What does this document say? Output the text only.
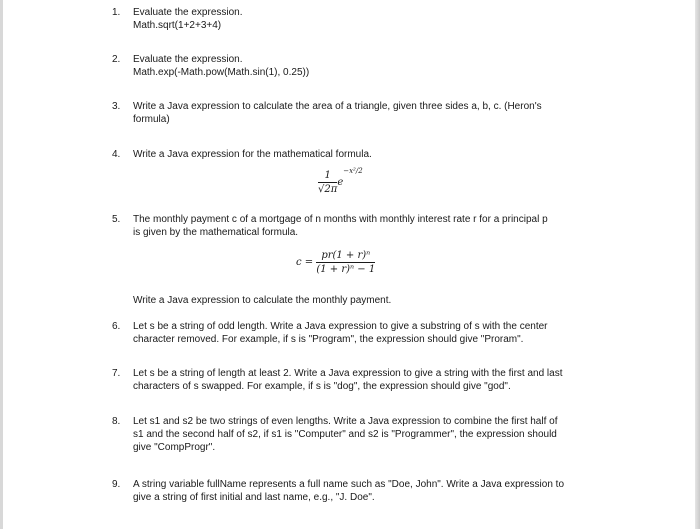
1.	Evaluate the expression.
Math.sqrt(1+2+3+4)
2.	Evaluate the expression.
Math.exp(-Math.pow(Math.sin(1), 0.25))
3.	Write a Java expression to calculate the area of a triangle, given three sides a, b, c. (Heron's
formula)
4.	Write a Java expression for the mathematical formula.
$\frac{1}{√2\pi} e^{-x^2/2}$
5.	The monthly payment c of a mortgage of n months with monthly interest rate r for a principal p
is given by the mathematical formula.
$c = \frac{\text{pr(1 + r)ⁿ}}{\text{(1 + r)ⁿ − 1}}$
Write a Java expression to calculate the monthly payment.
6.	Let s be a string of odd length. Write a Java expression to give a substring of s with the center
character removed. For example, if s is "Program", the expression should give "Proram".
7.	Let s be a string of length at least 2. Write a Java expression to give a string with the first and last
characters of s swapped. For example, if s is "dog", the expression should give "god".
8.	Let s1 and s2 be two strings of even lengths. Write a Java expression to combine the first half of
s1 and the second half of s2, if s1 is "Computer" and s2 is "Programmer", the expression should
give "CompProgr".
9.	A string variable fullName represents a full name such as "Doe, John". Write a Java expression to
give a string of first initial and last name, e.g., "J. Doe".
